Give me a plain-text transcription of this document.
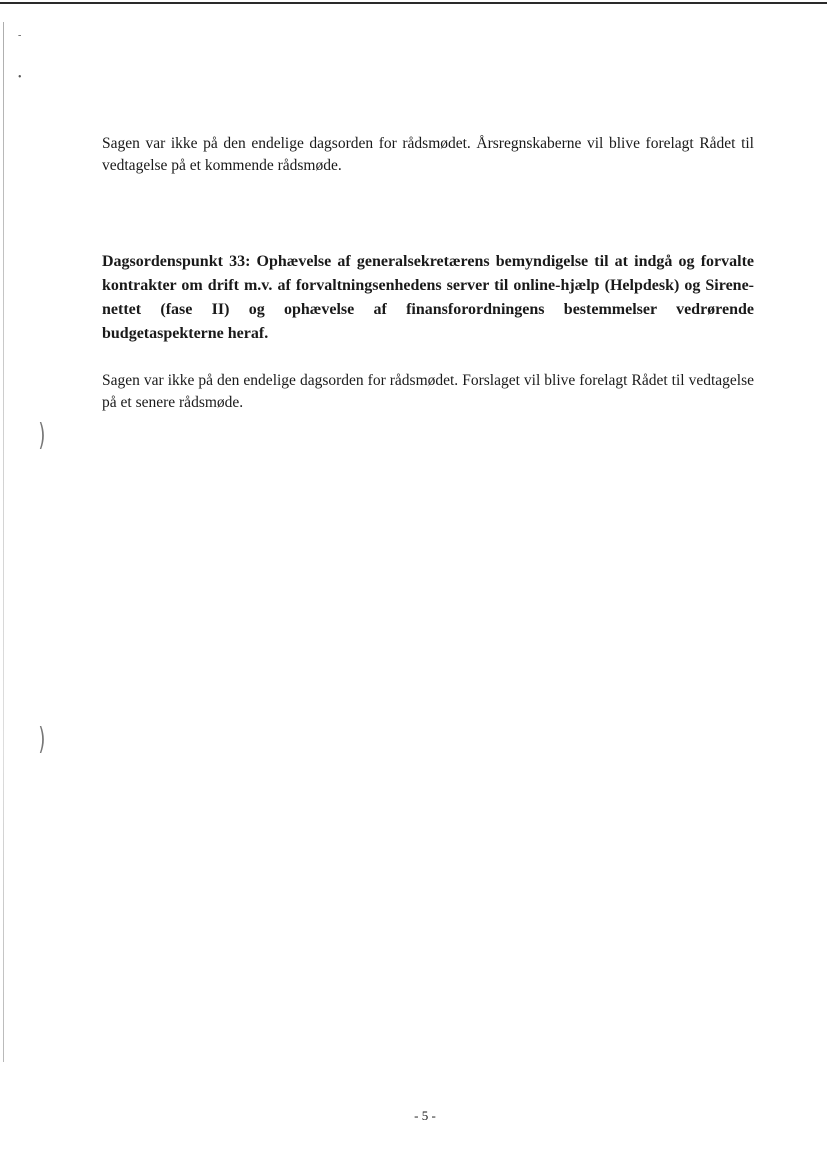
-
•
)
)

Sagen var ikke på den endelige dagsorden for rådsmødet. Årsregnskaberne vil blive forelagt Rådet til vedtagelse på et kommende rådsmøde.

Dagsordenspunkt 33: Ophævelse af generalsekretærens bemyndigelse til at indgå og forvalte kontrakter om drift m.v. af forvaltningsenhedens server til online-hjælp (Helpdesk) og Sirene-nettet (fase II) og ophævelse af finansforordningens bestemmelser vedrørende budgetaspekterne heraf.

Sagen var ikke på den endelige dagsorden for rådsmødet. Forslaget vil blive forelagt Rådet til vedtagelse på et senere rådsmøde.

- 5 -
